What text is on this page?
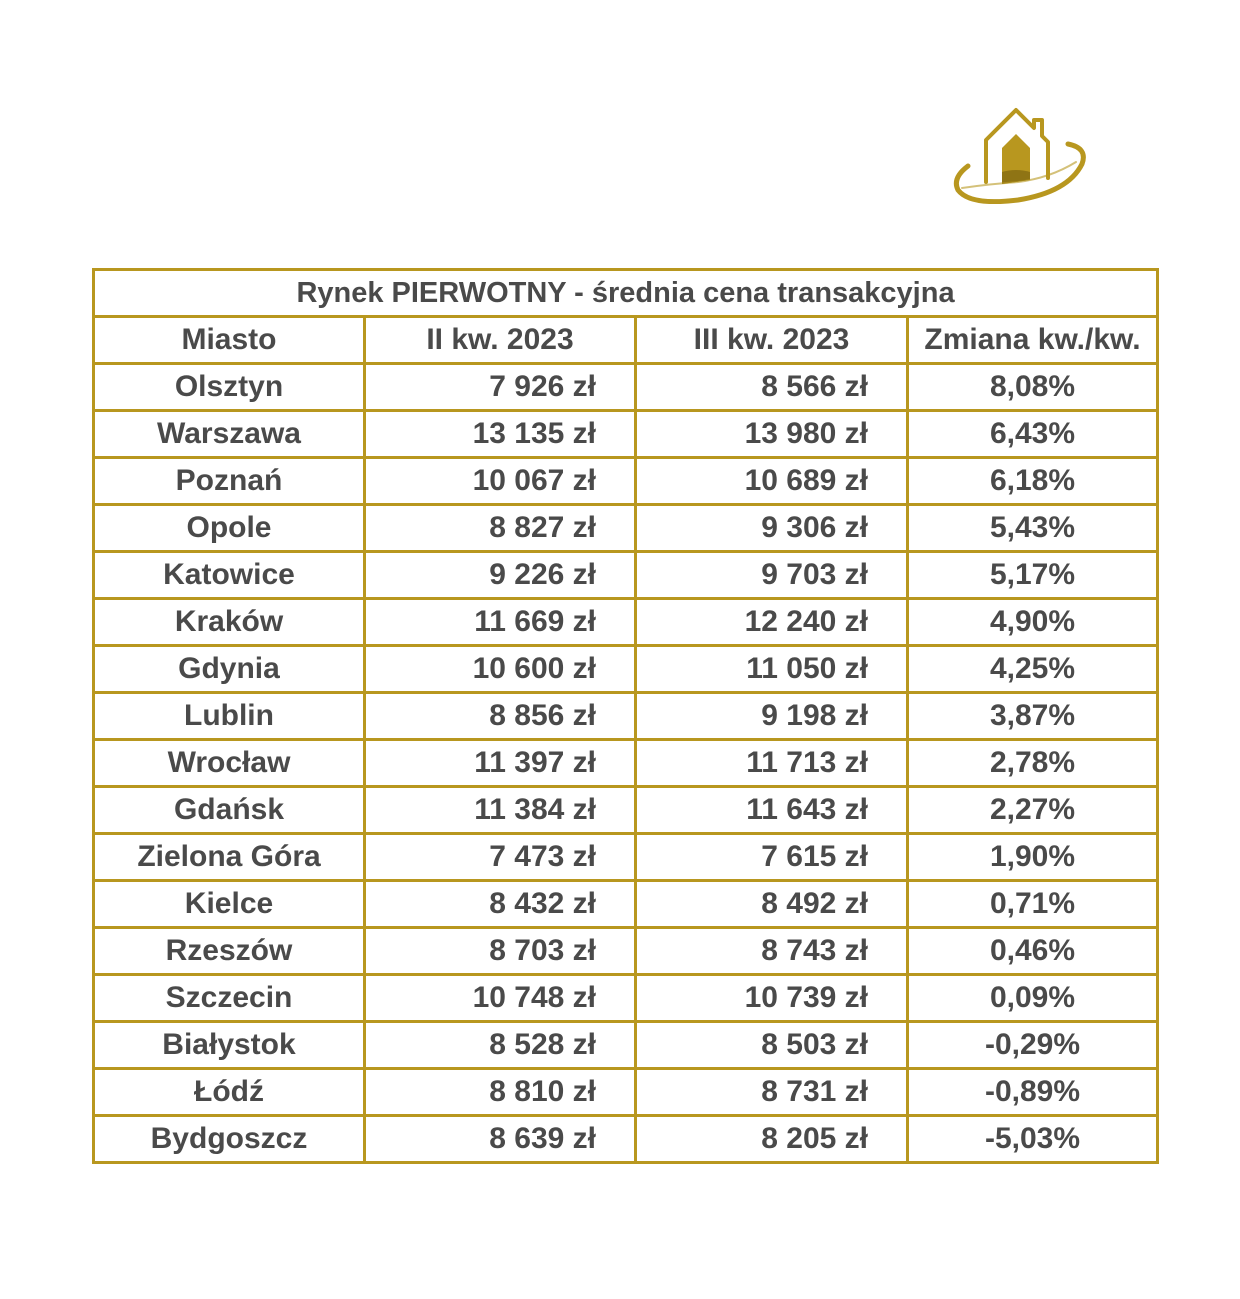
Rynek PIERWOTNY - średnia cena transakcyjna			
Miasto	II kw. 2023	III kw. 2023	Zmiana kw./kw.
Olsztyn	7 926 zł	8 566 zł	8,08%
Warszawa	13 135 zł	13 980 zł	6,43%
Poznań	10 067 zł	10 689 zł	6,18%
Opole	8 827 zł	9 306 zł	5,43%
Katowice	9 226 zł	9 703 zł	5,17%
Kraków	11 669 zł	12 240 zł	4,90%
Gdynia	10 600 zł	11 050 zł	4,25%
Lublin	8 856 zł	9 198 zł	3,87%
Wrocław	11 397 zł	11 713 zł	2,78%
Gdańsk	11 384 zł	11 643 zł	2,27%
Zielona Góra	7 473 zł	7 615 zł	1,90%
Kielce	8 432 zł	8 492 zł	0,71%
Rzeszów	8 703 zł	8 743 zł	0,46%
Szczecin	10 748 zł	10 739 zł	0,09%
Białystok	8 528 zł	8 503 zł	-0,29%
Łódź	8 810 zł	8 731 zł	-0,89%
Bydgoszcz	8 639 zł	8 205 zł	-5,03%
